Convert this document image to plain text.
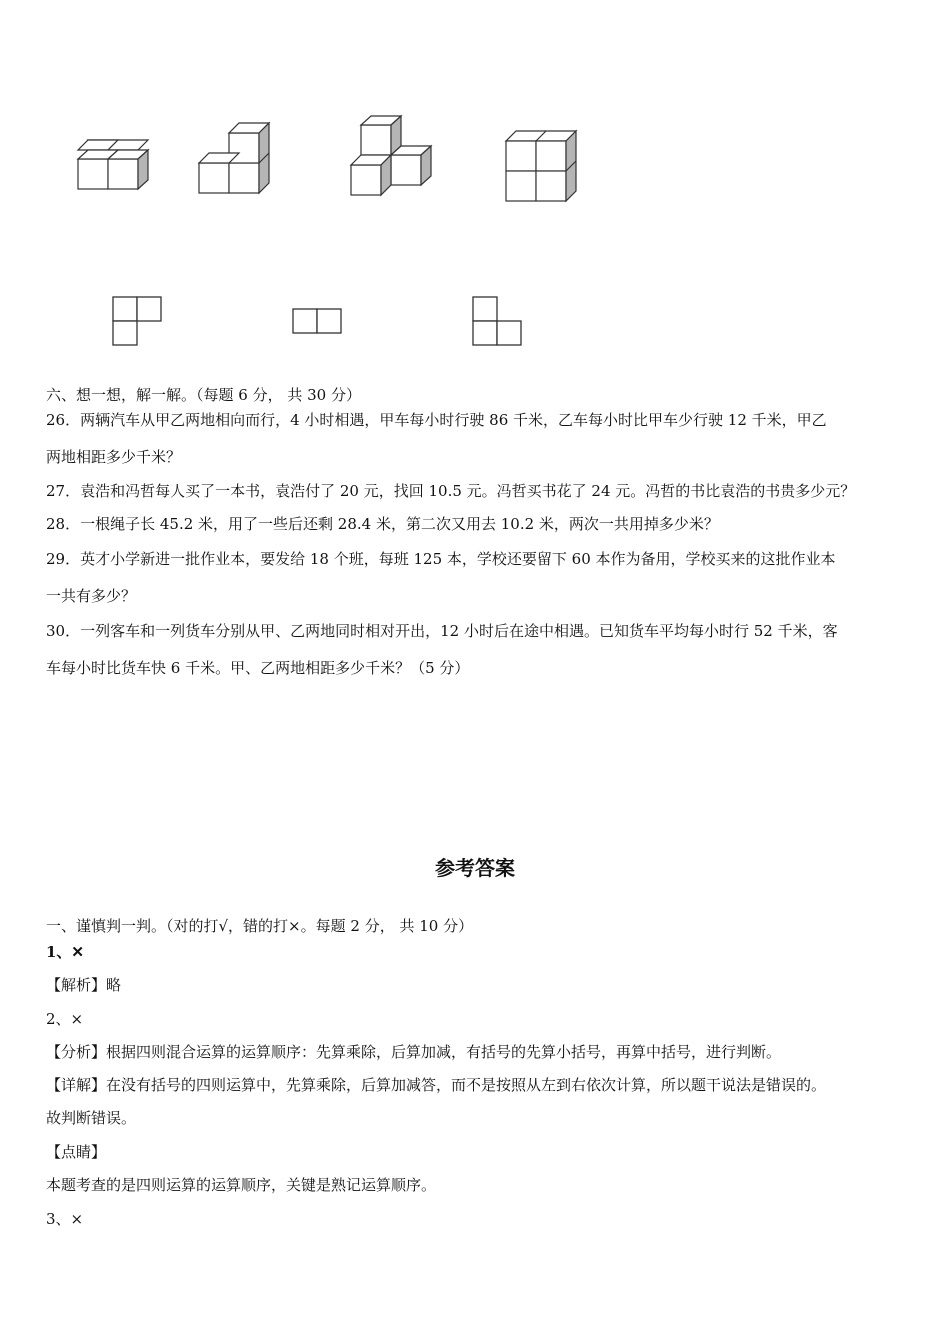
六、想一想，解一解。（每题 6 分， 共 30 分）
26．两辆汽车从甲乙两地相向而行，4 小时相遇，甲车每小时行驶 86 千米，乙车每小时比甲车少行驶 12 千米，甲乙
两地相距多少千米？
27．袁浩和冯哲每人买了一本书，袁浩付了 20 元，找回 10.5 元。冯哲买书花了 24 元。冯哲的书比袁浩的书贵多少元？
28．一根绳子长 45.2 米，用了一些后还剩 28.4 米，第二次又用去 10.2 米，两次一共用掉多少米？
29．英才小学新进一批作业本，要发给 18 个班，每班 125 本，学校还要留下 60 本作为备用，学校买来的这批作业本
一共有多少？
30．一列客车和一列货车分别从甲、乙两地同时相对开出，12 小时后在途中相遇。已知货车平均每小时行 52 千米，客
车每小时比货车快 6 千米。甲、乙两地相距多少千米？（5 分）
参考答案
一、谨慎判一判。（对的打√，错的打×。每题 2 分， 共 10 分）
1、✕
【解析】略
2、×
【分析】根据四则混合运算的运算顺序：先算乘除，后算加减，有括号的先算小括号，再算中括号，进行判断。
【详解】在没有括号的四则运算中，先算乘除，后算加减答，而不是按照从左到右依次计算，所以题干说法是错误的。
故判断错误。
【点睛】
本题考查的是四则运算的运算顺序，关键是熟记运算顺序。
3、×
